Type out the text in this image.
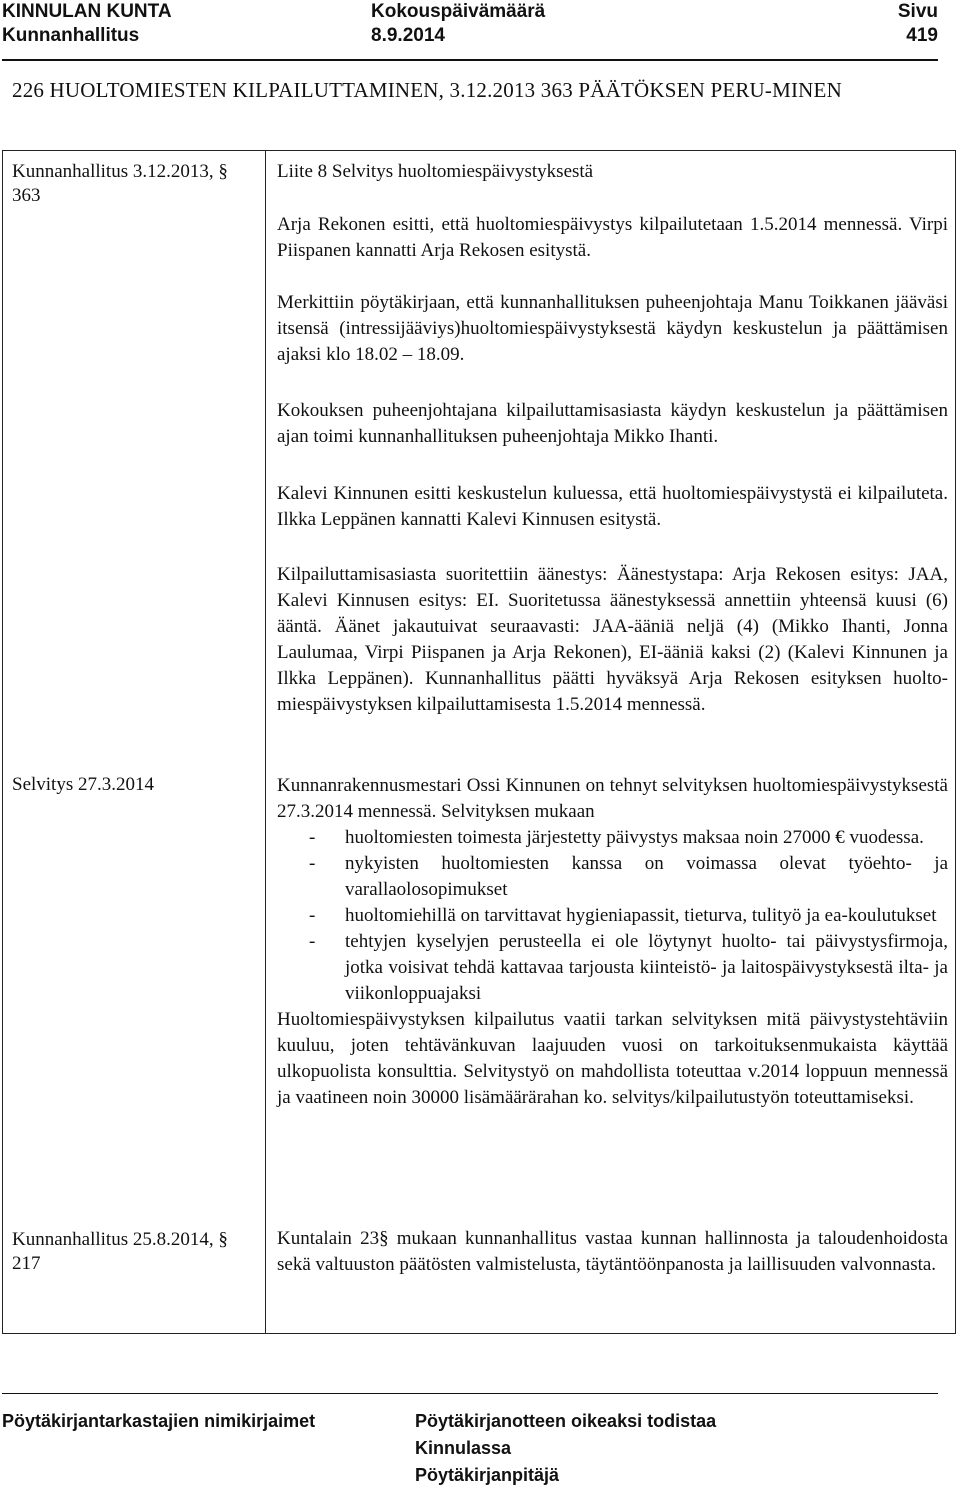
KINNULAN KUNTA
Kunnanhallitus
Kokouspäivämäärä
8.9.2014
Sivu
419
226 HUOLTOMIESTEN KILPAILUTTAMINEN, 3.12.2013 363 PÄÄTÖKSEN PERU-MINEN
Kunnanhallitus 3.12.2013, § 363
Selvitys 27.3.2014
Kunnanhallitus 25.8.2014, § 217

Liite 8 Selvitys huoltomiespäivystyksestä

Arja Rekonen esitti, että huoltomiespäivystys kilpailutetaan 1.5.2014 mennessä. Virpi Piispanen kannatti Arja Rekosen esitystä.

Merkittiin pöytäkirjaan, että kunnanhallituksen puheenjohtaja Manu Toikkanen jääväsi itsensä (intressijääviys)huoltomiespäivystyksestä käydyn keskustelun ja päättämisen ajaksi klo 18.02 – 18.09.

Kokouksen puheenjohtajana kilpailuttamisasiasta käydyn keskustelun ja päättämisen ajan toimi kunnanhallituksen puheenjohtaja Mikko Ihanti.

Kalevi Kinnunen esitti keskustelun kuluessa, että huoltomiespäivystystä ei kilpailuteta. Ilkka Leppänen kannatti Kalevi Kinnusen esitystä.

Kilpailuttamisasiasta suoritettiin äänestys: Äänestystapa: Arja Rekosen esitys: JAA, Kalevi Kinnusen esitys: EI. Suoritetussa äänestyksessä annettiin yhteensä kuusi (6) ääntä. Äänet jakautuivat seuraavasti: JAA-ääniä neljä (4) (Mikko Ihanti, Jonna Laulumaa, Virpi Piispanen ja Arja Rekonen), EI-ääniä kaksi (2) (Kalevi Kinnunen ja Ilkka Leppänen). Kunnanhallitus päätti hyväksyä Arja Rekosen esityksen huolto-miespäivystyksen kilpailuttamisesta 1.5.2014 mennessä.

Kunnanrakennusmestari Ossi Kinnunen on tehnyt selvityksen huoltomiespäivystyksestä 27.3.2014 mennessä. Selvityksen mukaan

- huoltomiesten toimesta järjestetty päivystys maksaa noin 27000 € vuodessa.
- nykyisten huoltomiesten kanssa on voimassa olevat työehto- ja varallaolosopimukset
- huoltomiehillä on tarvittavat hygieniapassit, tieturva, tulityö ja ea-koulutukset
- tehtyjen kyselyjen perusteella ei ole löytynyt huolto- tai päivystysfirmoja, jotka voisivat tehdä kattavaa tarjousta kiinteistö- ja laitospäivystyksestä ilta- ja viikonloppuajaksi

Huoltomiespäivystyksen kilpailutus vaatii tarkan selvityksen mitä päivystystehtäviin kuuluu, joten tehtävänkuvan laajuuden vuosi on tarkoituksenmukaista käyttää ulkopuolista konsulttia. Selvitystyö on mahdollista toteuttaa v.2014 loppuun mennessä ja vaatineen noin 30000 lisämäärärahan ko. selvitys/kilpailutustyön toteuttamiseksi.

Kuntalain 23§ mukaan kunnanhallitus vastaa kunnan hallinnosta ja taloudenhoidosta sekä valtuuston päätösten valmistelusta, täytäntöönpanosta ja laillisuuden valvonnasta.

Pöytäkirjantarkastajien nimikirjaimet	Pöytäkirjanotteen oikeaksi todistaa
Kinnulassa
Pöytäkirjanpitäjä
